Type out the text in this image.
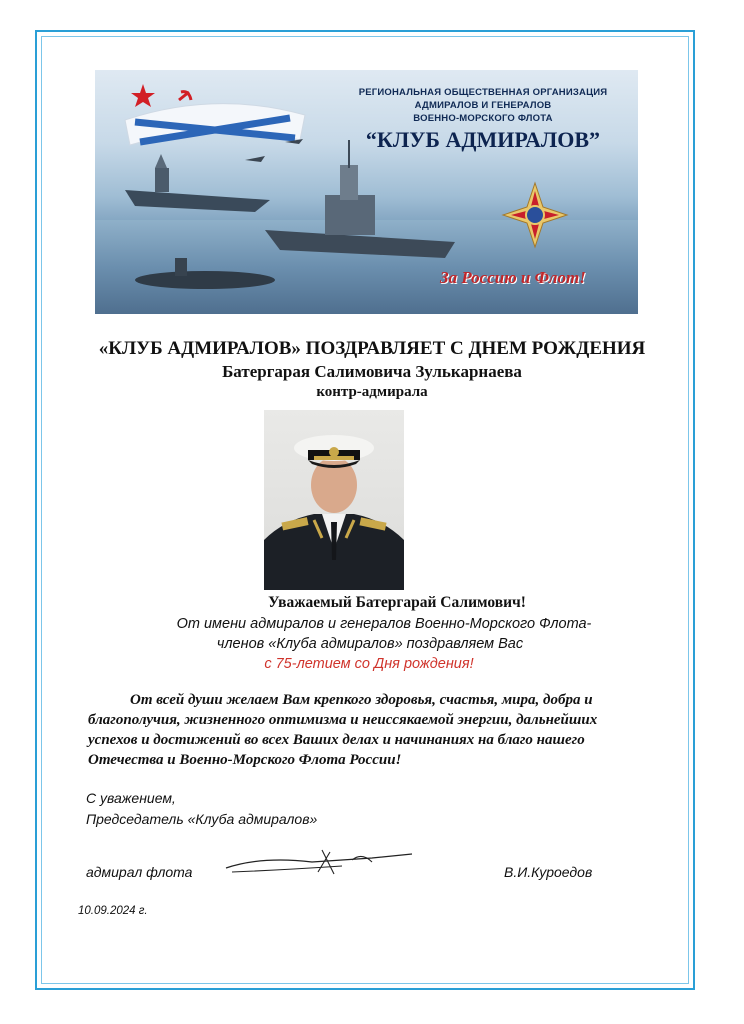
РЕГИОНАЛЬНАЯ ОБЩЕСТВЕННАЯ ОРГАНИЗАЦИЯ
АДМИРАЛОВ И ГЕНЕРАЛОВ
ВОЕННО-МОРСКОГО ФЛОТА
“КЛУБ АДМИРАЛОВ”
За Россию и Флот!
«КЛУБ АДМИРАЛОВ» ПОЗДРАВЛЯЕТ С ДНЕМ РОЖДЕНИЯ
Батергарая Салимовича Зулькарнаева
контр-адмирала
Уважаемый Батергарай Салимович!
От имени адмиралов и генералов Военно-Морского Флота-
членов «Клуба адмиралов» поздравляем Вас
с 75-летием со Дня рождения!
От всей души желаем Вам крепкого здоровья, счастья, мира, добра и благополучия, жизненного оптимизма и неиссякаемой энергии, дальнейших успехов и достижений во всех Ваших делах и начинаниях на благо нашего Отечества и Военно-Морского Флота России!
С уважением,
Председатель «Клуба адмиралов»
адмирал флота	В.И.Куроедов
10.09.2024 г.
